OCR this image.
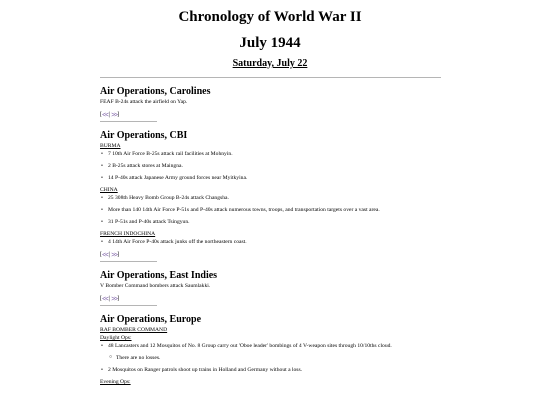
Chronology of World War II
July 1944
Saturday, July 22
Air Operations, Carolines

FEAF B-24s attack the airfield on Yap.

[ << | >> ]
Air Operations, CBI

BURMA

• 7 10th Air Force B-25s attack rail facilities at Mohnyin.
• 2 B-25s attack stores at Maingna.
• 14 P-40s attack Japanese Army ground forces near Myitkyina.

CHINA

• 25 308th Heavy Bomb Group B-24s attack Changsha.
• More than 140 14th Air Force P-51s and P-40s attack numerous towns, troops, and transportation targets over a vast area.
• 31 P-51s and P-40s attack Tsingyun.

FRENCH INDOCHINA

• 4 14th Air Force P-40s attack junks off the northeastern coast.
[ << | >> ]
Air Operations, East Indies

V Bomber Command bombers attack Saumlakki.

[ << | >> ]
Air Operations, Europe

RAF BOMBER COMMAND

Daylight Ops:

• 48 Lancasters and 12 Mosquitos of No. 8 Group carry out 'Oboe leader' bombings of 4 V-weapon sites through 10/10ths cloud.
○ There are no losses.
• 2 Mosquitos on Ranger patrols shoot up trains in Holland and Germany without a loss.

Evening Ops:
